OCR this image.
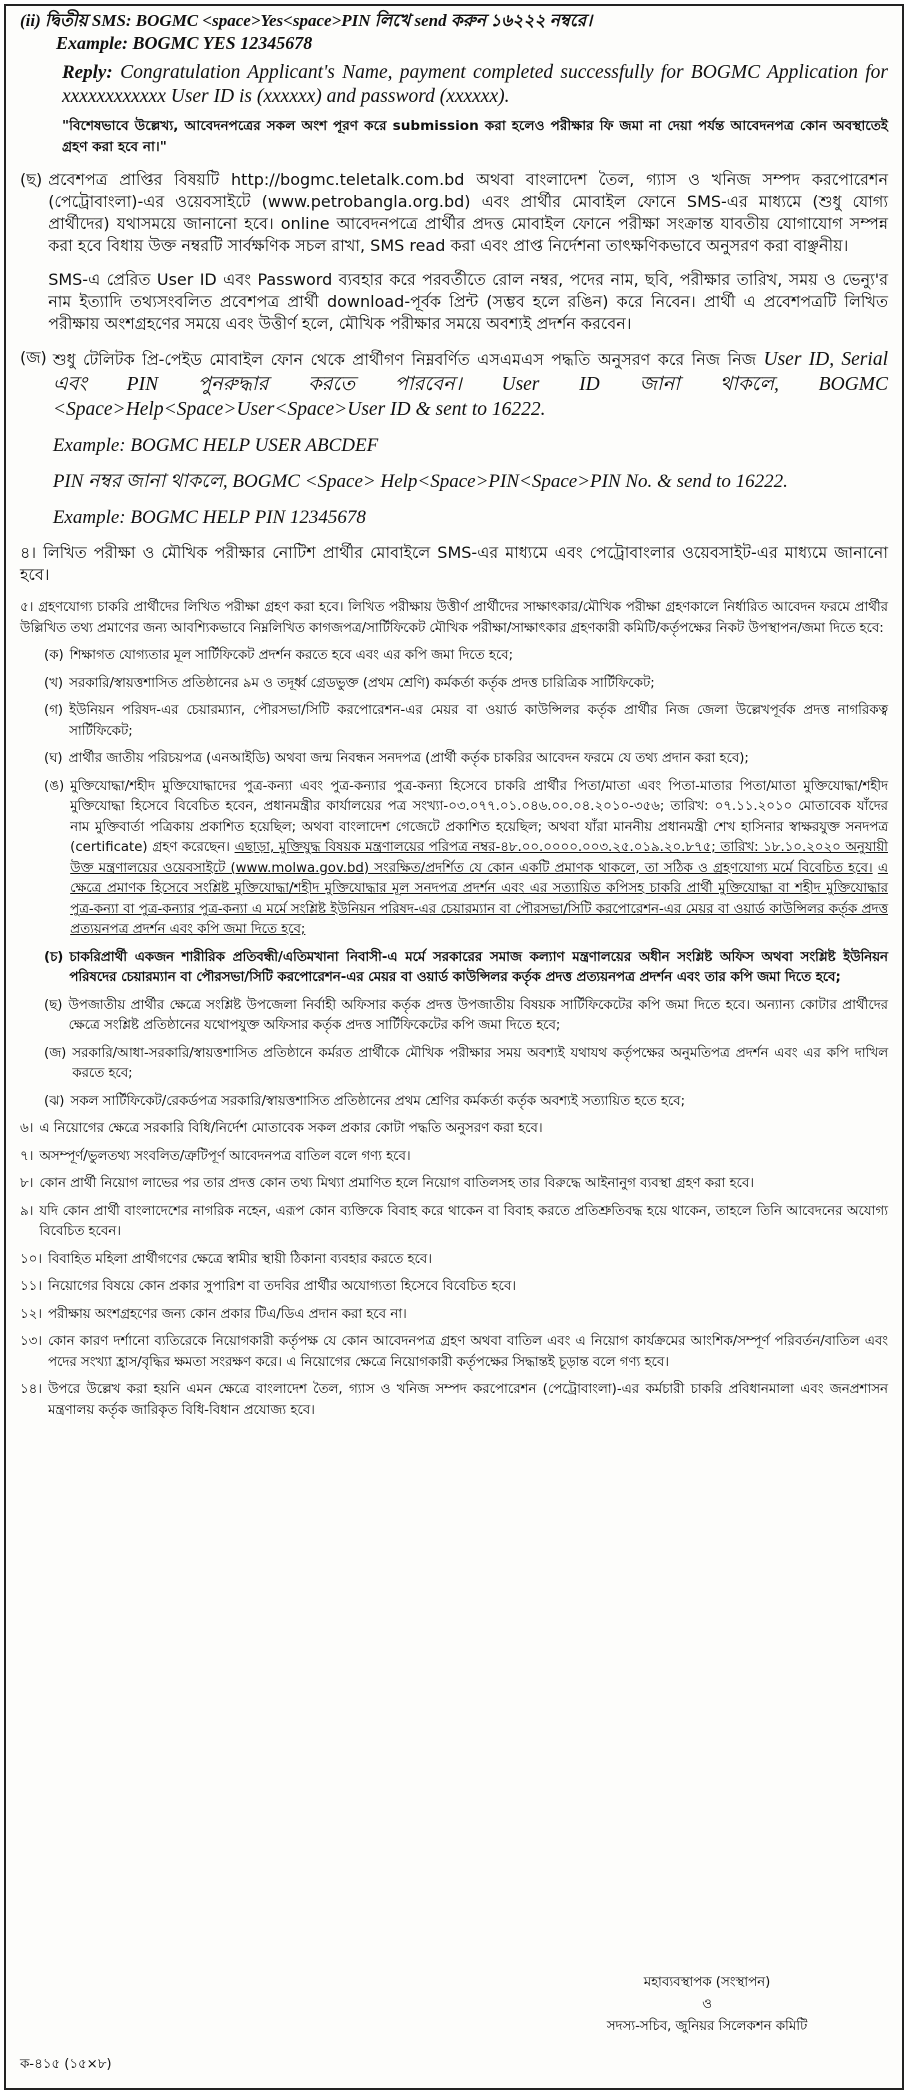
(ii) দ্বিতীয় SMS: BOGMC <space>Yes<space>PIN লিখে send করুন ১৬২২২ নম্বরে।
Example: BOGMC YES 12345678
Reply: Congratulation Applicant's Name, payment completed successfully for BOGMC Application for xxxxxxxxxxxx User ID is (xxxxxx) and password (xxxxxx).
"বিশেষভাবে উল্লেখ্য, আবেদনপত্রের সকল অংশ পূরণ করে submission করা হলেও পরীক্ষার ফি জমা না দেয়া পর্যন্ত আবেদনপত্র কোন অবস্থাতেই গ্রহণ করা হবে না।"
(ছ) প্রবেশপত্র প্রাপ্তির বিষয়টি http://bogmc.teletalk.com.bd অথবা বাংলাদেশ তৈল, গ্যাস ও খনিজ সম্পদ করপোরেশন (পেট্রোবাংলা)-এর ওয়েবসাইটে (www.petrobangla.org.bd) এবং প্রার্থীর মোবাইল ফোনে SMS-এর মাধ্যমে (শুধু যোগ্য প্রার্থীদের) যথাসময়ে জানানো হবে। online আবেদনপত্রে প্রার্থীর প্রদত্ত মোবাইল ফোনে পরীক্ষা সংক্রান্ত যাবতীয় যোগাযোগ সম্পন্ন করা হবে বিধায় উক্ত নম্বরটি সার্বক্ষণিক সচল রাখা, SMS read করা এবং প্রাপ্ত নির্দেশনা তাৎক্ষণিকভাবে অনুসরণ করা বাঞ্ছনীয়।
SMS-এ প্রেরিত User ID এবং Password ব্যবহার করে পরবর্তীতে রোল নম্বর, পদের নাম, ছবি, পরীক্ষার তারিখ, সময় ও ভেন্যু'র নাম ইত্যাদি তথ্যসংবলিত প্রবেশপত্র প্রার্থী download-পূর্বক প্রিন্ট (সম্ভব হলে রঙিন) করে নিবেন। প্রার্থী এ প্রবেশপত্রটি লিখিত পরীক্ষায় অংশগ্রহণের সময়ে এবং উত্তীর্ণ হলে, মৌখিক পরীক্ষার সময়ে অবশ্যই প্রদর্শন করবেন।
(জ) শুধু টেলিটক প্রি-পেইড মোবাইল ফোন থেকে প্রার্থীগণ নিম্নবর্ণিত এসএমএস পদ্ধতি অনুসরণ করে নিজ নিজ User ID, Serial এবং PIN পুনরুদ্ধার করতে পারবেন। User ID জানা থাকলে, BOGMC <Space>Help<Space>User<Space>User ID & sent to 16222.
Example: BOGMC HELP USER ABCDEF
PIN নম্বর জানা থাকলে, BOGMC <Space> Help<Space>PIN<Space>PIN No. & send to 16222.
Example: BOGMC HELP PIN 12345678
৪। লিখিত পরীক্ষা ও মৌখিক পরীক্ষার নোটিশ প্রার্থীর মোবাইলে SMS-এর মাধ্যমে এবং পেট্রোবাংলার ওয়েবসাইট-এর মাধ্যমে জানানো হবে।
৫। গ্রহণযোগ্য চাকরি প্রার্থীদের লিখিত পরীক্ষা গ্রহণ করা হবে। লিখিত পরীক্ষায় উত্তীর্ণ প্রার্থীদের সাক্ষাৎকার/মৌখিক পরীক্ষা গ্রহণকালে নির্ধারিত আবেদন ফরমে প্রার্থীর উল্লিখিত তথ্য প্রমাণের জন্য আবশ্যিকভাবে নিম্নলিখিত কাগজপত্র/সার্টিফিকেট মৌখিক পরীক্ষা/সাক্ষাৎকার গ্রহণকারী কমিটি/কর্তৃপক্ষের নিকট উপস্থাপন/জমা দিতে হবে:
(ক) শিক্ষাগত যোগ্যতার মূল সার্টিফিকেট প্রদর্শন করতে হবে এবং এর কপি জমা দিতে হবে;
(খ) সরকারি/স্বায়ত্তশাসিত প্রতিষ্ঠানের ৯ম ও তদূর্ধ্ব গ্রেডভুক্ত (প্রথম শ্রেণি) কর্মকর্তা কর্তৃক প্রদত্ত চারিত্রিক সার্টিফিকেট;
(গ) ইউনিয়ন পরিষদ-এর চেয়ারম্যান, পৌরসভা/সিটি করপোরেশন-এর মেয়র বা ওয়ার্ড কাউন্সিলর কর্তৃক প্রার্থীর নিজ জেলা উল্লেখপূর্বক প্রদত্ত নাগরিকত্ব সার্টিফিকেট;
(ঘ) প্রার্থীর জাতীয় পরিচয়পত্র (এনআইডি) অথবা জন্ম নিবন্ধন সনদপত্র (প্রার্থী কর্তৃক চাকরির আবেদন ফরমে যে তথ্য প্রদান করা হবে);
(ঙ) মুক্তিযোদ্ধা/শহীদ মুক্তিযোদ্ধাদের পুত্র-কন্যা এবং পুত্র-কন্যার পুত্র-কন্যা হিসেবে চাকরি প্রার্থীর পিতা/মাতা এবং পিতা-মাতার পিতা/মাতা মুক্তিযোদ্ধা/শহীদ মুক্তিযোদ্ধা হিসেবে বিবেচিত হবেন, প্রধানমন্ত্রীর কার্যালয়ের পত্র সংখ্যা-০৩.০৭৭.০১.০৪৬.০০.০৪.২০১০-৩৫৬; তারিখ: ০৭.১১.২০১০ মোতাবেক যাঁদের নাম মুক্তিবার্তা পত্রিকায় প্রকাশিত হয়েছিল; অথবা বাংলাদেশ গেজেটে প্রকাশিত হয়েছিল; অথবা যাঁরা মাননীয় প্রধানমন্ত্রী শেখ হাসিনার স্বাক্ষরযুক্ত সনদপত্র (certificate) গ্রহণ করেছেন। এছাড়া, মুক্তিযুদ্ধ বিষয়ক মন্ত্রণালয়ের পরিপত্র নম্বর-৪৮.০০.০০০০.০০৩.২৫.০১৯.২০.৮৭৫; তারিখ: ১৮.১০.২০২০ অনুযায়ী উক্ত মন্ত্রণালয়ের ওয়েবসাইটে (www.molwa.gov.bd) সংরক্ষিত/প্রদর্শিত যে কোন একটি প্রমাণক থাকলে, তা সঠিক ও গ্রহণযোগ্য মর্মে বিবেচিত হবে। এ ক্ষেত্রে প্রমাণক হিসেবে সংশ্লিষ্ট মুক্তিযোদ্ধা/শহীদ মুক্তিযোদ্ধার মূল সনদপত্র প্রদর্শন এবং এর সত্যায়িত কপিসহ চাকরি প্রার্থী মুক্তিযোদ্ধা বা শহীদ মুক্তিযোদ্ধার পুত্র-কন্যা বা পুত্র-কন্যার পুত্র-কন্যা এ মর্মে সংশ্লিষ্ট ইউনিয়ন পরিষদ-এর চেয়ারম্যান বা পৌরসভা/সিটি করপোরেশন-এর মেয়র বা ওয়ার্ড কাউন্সিলর কর্তৃক প্রদত্ত প্রত্যয়নপত্র প্রদর্শন এবং কপি জমা দিতে হবে;
(চ) চাকরিপ্রার্থী একজন শারীরিক প্রতিবন্ধী/এতিমখানা নিবাসী-এ মর্মে সরকারের সমাজ কল্যাণ মন্ত্রণালয়ের অধীন সংশ্লিষ্ট অফিস অথবা সংশ্লিষ্ট ইউনিয়ন পরিষদের চেয়ারম্যান বা পৌরসভা/সিটি করপোরেশন-এর মেয়র বা ওয়ার্ড কাউন্সিলর কর্তৃক প্রদত্ত প্রত্যয়নপত্র প্রদর্শন এবং তার কপি জমা দিতে হবে;
(ছ) উপজাতীয় প্রার্থীর ক্ষেত্রে সংশ্লিষ্ট উপজেলা নির্বাহী অফিসার কর্তৃক প্রদত্ত উপজাতীয় বিষয়ক সার্টিফিকেটের কপি জমা দিতে হবে। অন্যান্য কোটার প্রার্থীদের ক্ষেত্রে সংশ্লিষ্ট প্রতিষ্ঠানের যথোপযুক্ত অফিসার কর্তৃক প্রদত্ত সার্টিফিকেটের কপি জমা দিতে হবে;
(জ) সরকারি/আধা-সরকারি/স্বায়ত্তশাসিত প্রতিষ্ঠানে কর্মরত প্রার্থীকে মৌখিক পরীক্ষার সময় অবশ্যই যথাযথ কর্তৃপক্ষের অনুমতিপত্র প্রদর্শন এবং এর কপি দাখিল করতে হবে;
(ঝ) সকল সার্টিফিকেট/রেকর্ডপত্র সরকারি/স্বায়ত্তশাসিত প্রতিষ্ঠানের প্রথম শ্রেণির কর্মকর্তা কর্তৃক অবশ্যই সত্যায়িত হতে হবে;
৬। এ নিয়োগের ক্ষেত্রে সরকারি বিধি/নির্দেশ মোতাবেক সকল প্রকার কোটা পদ্ধতি অনুসরণ করা হবে।
৭। অসম্পূর্ণ/ভুলতথ্য সংবলিত/ত্রুটিপূর্ণ আবেদনপত্র বাতিল বলে গণ্য হবে।
৮। কোন প্রার্থী নিয়োগ লাভের পর তার প্রদত্ত কোন তথ্য মিথ্যা প্রমাণিত হলে নিয়োগ বাতিলসহ তার বিরুদ্ধে আইনানুগ ব্যবস্থা গ্রহণ করা হবে।
৯। যদি কোন প্রার্থী বাংলাদেশের নাগরিক নহেন, এরূপ কোন ব্যক্তিকে বিবাহ করে থাকেন বা বিবাহ করতে প্রতিশ্রুতিবদ্ধ হয়ে থাকেন, তাহলে তিনি আবেদনের অযোগ্য বিবেচিত হবেন।
১০। বিবাহিত মহিলা প্রার্থীগণের ক্ষেত্রে স্বামীর স্থায়ী ঠিকানা ব্যবহার করতে হবে।
১১। নিয়োগের বিষয়ে কোন প্রকার সুপারিশ বা তদবির প্রার্থীর অযোগ্যতা হিসেবে বিবেচিত হবে।
১২। পরীক্ষায় অংশগ্রহণের জন্য কোন প্রকার টিএ/ডিএ প্রদান করা হবে না।
১৩। কোন কারণ দর্শানো ব্যতিরেকে নিয়োগকারী কর্তৃপক্ষ যে কোন আবেদনপত্র গ্রহণ অথবা বাতিল এবং এ নিয়োগ কার্যক্রমের আংশিক/সম্পূর্ণ পরিবর্তন/বাতিল এবং পদের সংখ্যা হ্রাস/বৃদ্ধির ক্ষমতা সংরক্ষণ করে। এ নিয়োগের ক্ষেত্রে নিয়োগকারী কর্তৃপক্ষের সিদ্ধান্তই চূড়ান্ত বলে গণ্য হবে।
১৪। উপরে উল্লেখ করা হয়নি এমন ক্ষেত্রে বাংলাদেশ তৈল, গ্যাস ও খনিজ সম্পদ করপোরেশন (পেট্রোবাংলা)-এর কর্মচারী চাকরি প্রবিধানমালা এবং জনপ্রশাসন মন্ত্রণালয় কর্তৃক জারিকৃত বিধি-বিধান প্রযোজ্য হবে।
মহাব্যবস্থাপক (সংস্থাপন)
ও
সদস্য-সচিব, জুনিয়র সিলেকশন কমিটি
ক-৪১৫ (১৫×৮)
